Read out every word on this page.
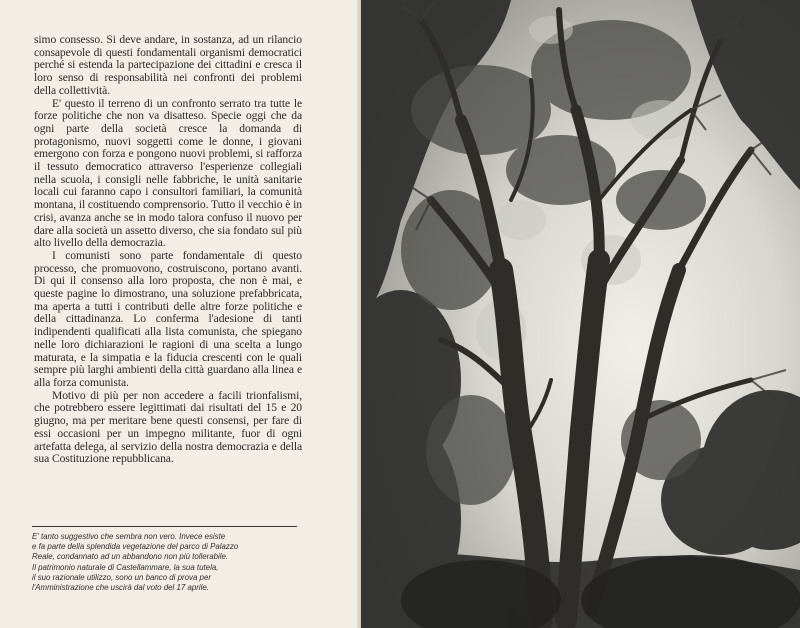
simo consesso. Si deve andare, in sostanza, ad un rilancio consapevole di questi fondamentali organismi democratici perché si estenda la partecipazione dei cittadini e cresca il loro senso di responsabilità nei confronti dei problemi della collettività.

E' questo il terreno di un confronto serrato tra tutte le forze politiche che non va disatteso. Specie oggi che da ogni parte della società cresce la domanda di protagonismo, nuovi soggetti come le donne, i giovani emergono con forza e pongono nuovi problemi, si rafforza il tessuto democratico attraverso l'esperienze collegiali nella scuola, i consigli nelle fabbriche, le unità sanitarie locali cui faranno capo i consultori familiari, la comunità montana, il costituendo comprensorio. Tutto il vecchio è in crisi, avanza anche se in modo talora confuso il nuovo per dare alla società un assetto diverso, che sia fondato sul più alto livello della democrazia.

I comunisti sono parte fondamentale di questo processo, che promuovono, costruiscono, portano avanti. Di qui il consenso alla loro proposta, che non è mai, e queste pagine lo dimostrano, una soluzione prefabbricata, ma aperta a tutti i contributi delle altre forze politiche e della cittadinanza. Lo conferma l'adesione di tanti indipendenti qualificati alla lista comunista, che spiegano nelle loro dichiarazioni le ragioni di una scelta a lungo maturata, e la simpatia e la fiducia crescenti con le quali sempre più larghi ambienti della città guardano alla linea e alla forza comunista.

Motivo di più per non accedere a facili trionfalismi, che potrebbero essere legittimati dai risultati del 15 e 20 giugno, ma per meritare bene questi consensi, per fare di essi occasioni per un impegno militante, fuor di ogni artefatta delega, al servizio della nostra democrazia e della sua Costituzione repubblicana.

E' tanto suggestivo che sembra non vero. Invece esiste
e fa parte della splendida vegetazione del parco di Palazzo
Reale, condannato ad un abbandono non più tollerabile.
Il patrimonio naturale di Castellammare, la sua tutela,
il suo razionale utilizzo, sono un banco di prova per
l'Amministrazione che uscirà dal voto del 17 aprile.
